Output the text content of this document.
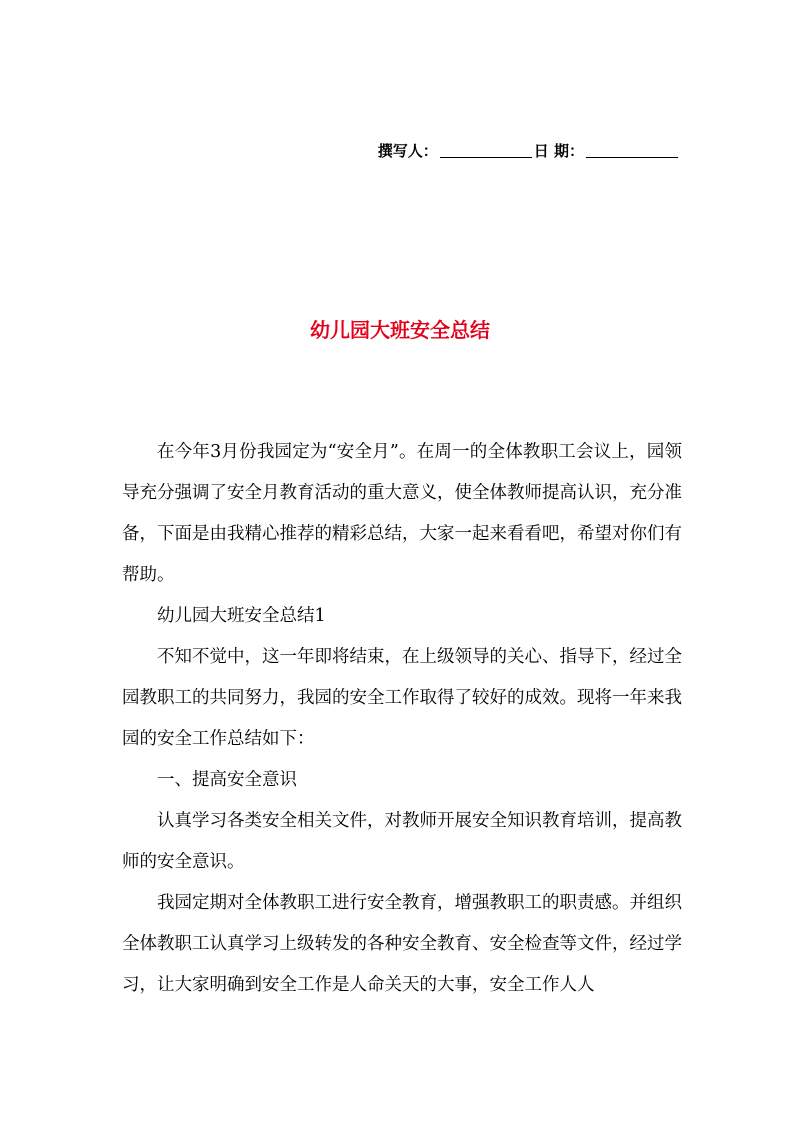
撰写人：	日 期：
幼儿园大班安全总结

在今年3月份我园定为“安全月”。在周一的全体教职工会议上，园领导充分强调了安全月教育活动的重大意义，使全体教师提高认识，充分准备，下面是由我精心推荐的精彩总结，大家一起来看看吧，希望对你们有帮助。

幼儿园大班安全总结1

不知不觉中，这一年即将结束，在上级领导的关心、指导下，经过全园教职工的共同努力，我园的安全工作取得了较好的成效。现将一年来我园的安全工作总结如下：

一、提高安全意识

认真学习各类安全相关文件，对教师开展安全知识教育培训，提高教师的安全意识。

我园定期对全体教职工进行安全教育，增强教职工的职责感。并组织全体教职工认真学习上级转发的各种安全教育、安全检查等文件，经过学习，让大家明确到安全工作是人命关天的大事，安全工作人人
